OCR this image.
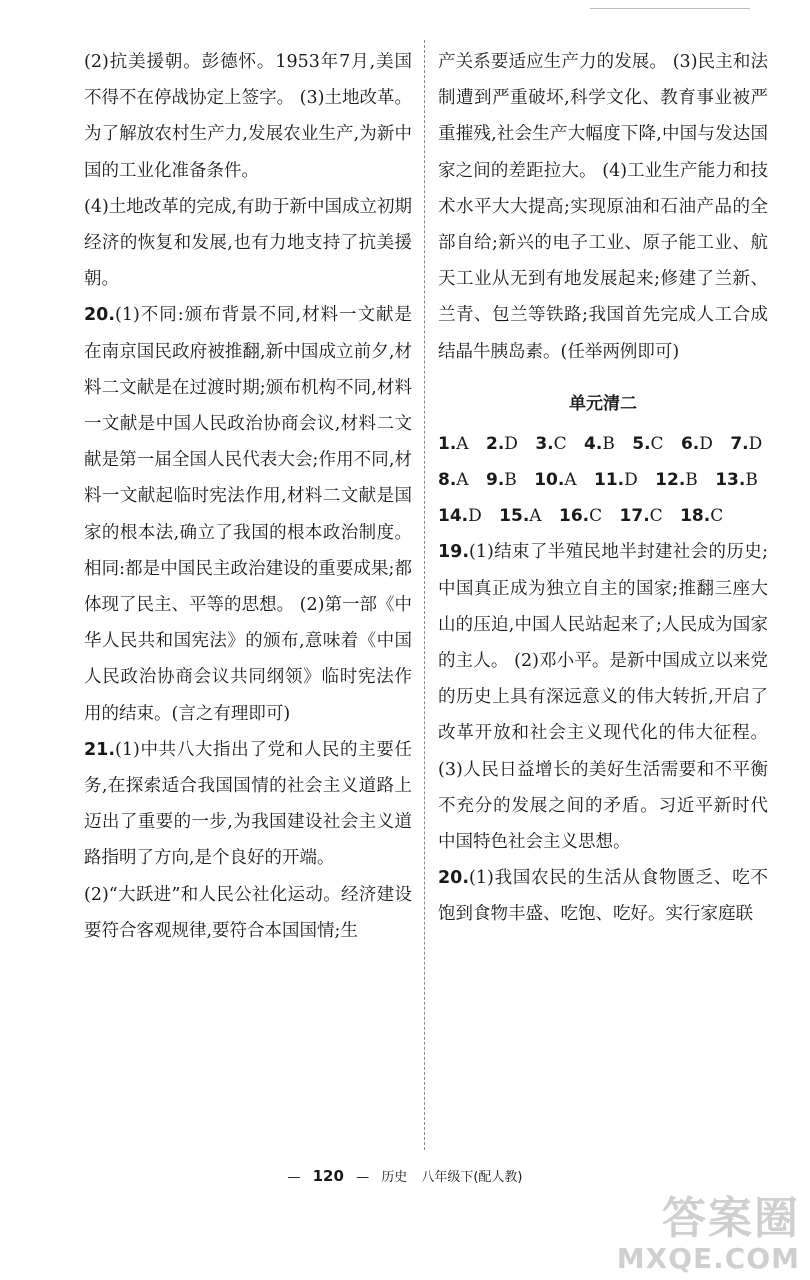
(2)抗美援朝。彭德怀。1953年7月,美国不得不在停战协定上签字。 (3)土地改革。为了解放农村生产力,发展农业生产,为新中国的工业化准备条件。

(4)土地改革的完成,有助于新中国成立初期经济的恢复和发展,也有力地支持了抗美援朝。

20.(1)不同:颁布背景不同,材料一文献是在南京国民政府被推翻,新中国成立前夕,材料二文献是在过渡时期;颁布机构不同,材料一文献是中国人民政治协商会议,材料二文献是第一届全国人民代表大会;作用不同,材料一文献起临时宪法作用,材料二文献是国家的根本法,确立了我国的根本政治制度。相同:都是中国民主政治建设的重要成果;都体现了民主、平等的思想。 (2)第一部《中华人民共和国宪法》的颁布,意味着《中国人民政治协商会议共同纲领》临时宪法作用的结束。(言之有理即可)

21.(1)中共八大指出了党和人民的主要任务,在探索适合我国国情的社会主义道路上迈出了重要的一步,为我国建设社会主义道路指明了方向,是个良好的开端。

(2)“大跃进”和人民公社化运动。经济建设要符合客观规律,要符合本国国情;生

产关系要适应生产力的发展。 (3)民主和法制遭到严重破坏,科学文化、教育事业被严重摧残,社会生产大幅度下降,中国与发达国家之间的差距拉大。 (4)工业生产能力和技术水平大大提高;实现原油和石油产品的全部自给;新兴的电子工业、原子能工业、航天工业从无到有地发展起来;修建了兰新、兰青、包兰等铁路;我国首先完成人工合成结晶牛胰岛素。(任举两例即可)

单元清二

1.A 2.D 3.C 4.B 5.C 6.D 7.D

8.A 9.B 10.A 11.D 12.B 13.B

14.D 15.A 16.C 17.C 18.C

19.(1)结束了半殖民地半封建社会的历史;中国真正成为独立自主的国家;推翻三座大山的压迫,中国人民站起来了;人民成为国家的主人。 (2)邓小平。是新中国成立以来党的历史上具有深远意义的伟大转折,开启了改革开放和社会主义现代化的伟大征程。 (3)人民日益增长的美好生活需要和不平衡不充分的发展之间的矛盾。习近平新时代中国特色社会主义思想。

20.(1)我国农民的生活从食物匮乏、吃不饱到食物丰盛、吃饱、吃好。实行家庭联

— 120 — 历史 八年级下(配人教)
答案圈
MXQE.COM
